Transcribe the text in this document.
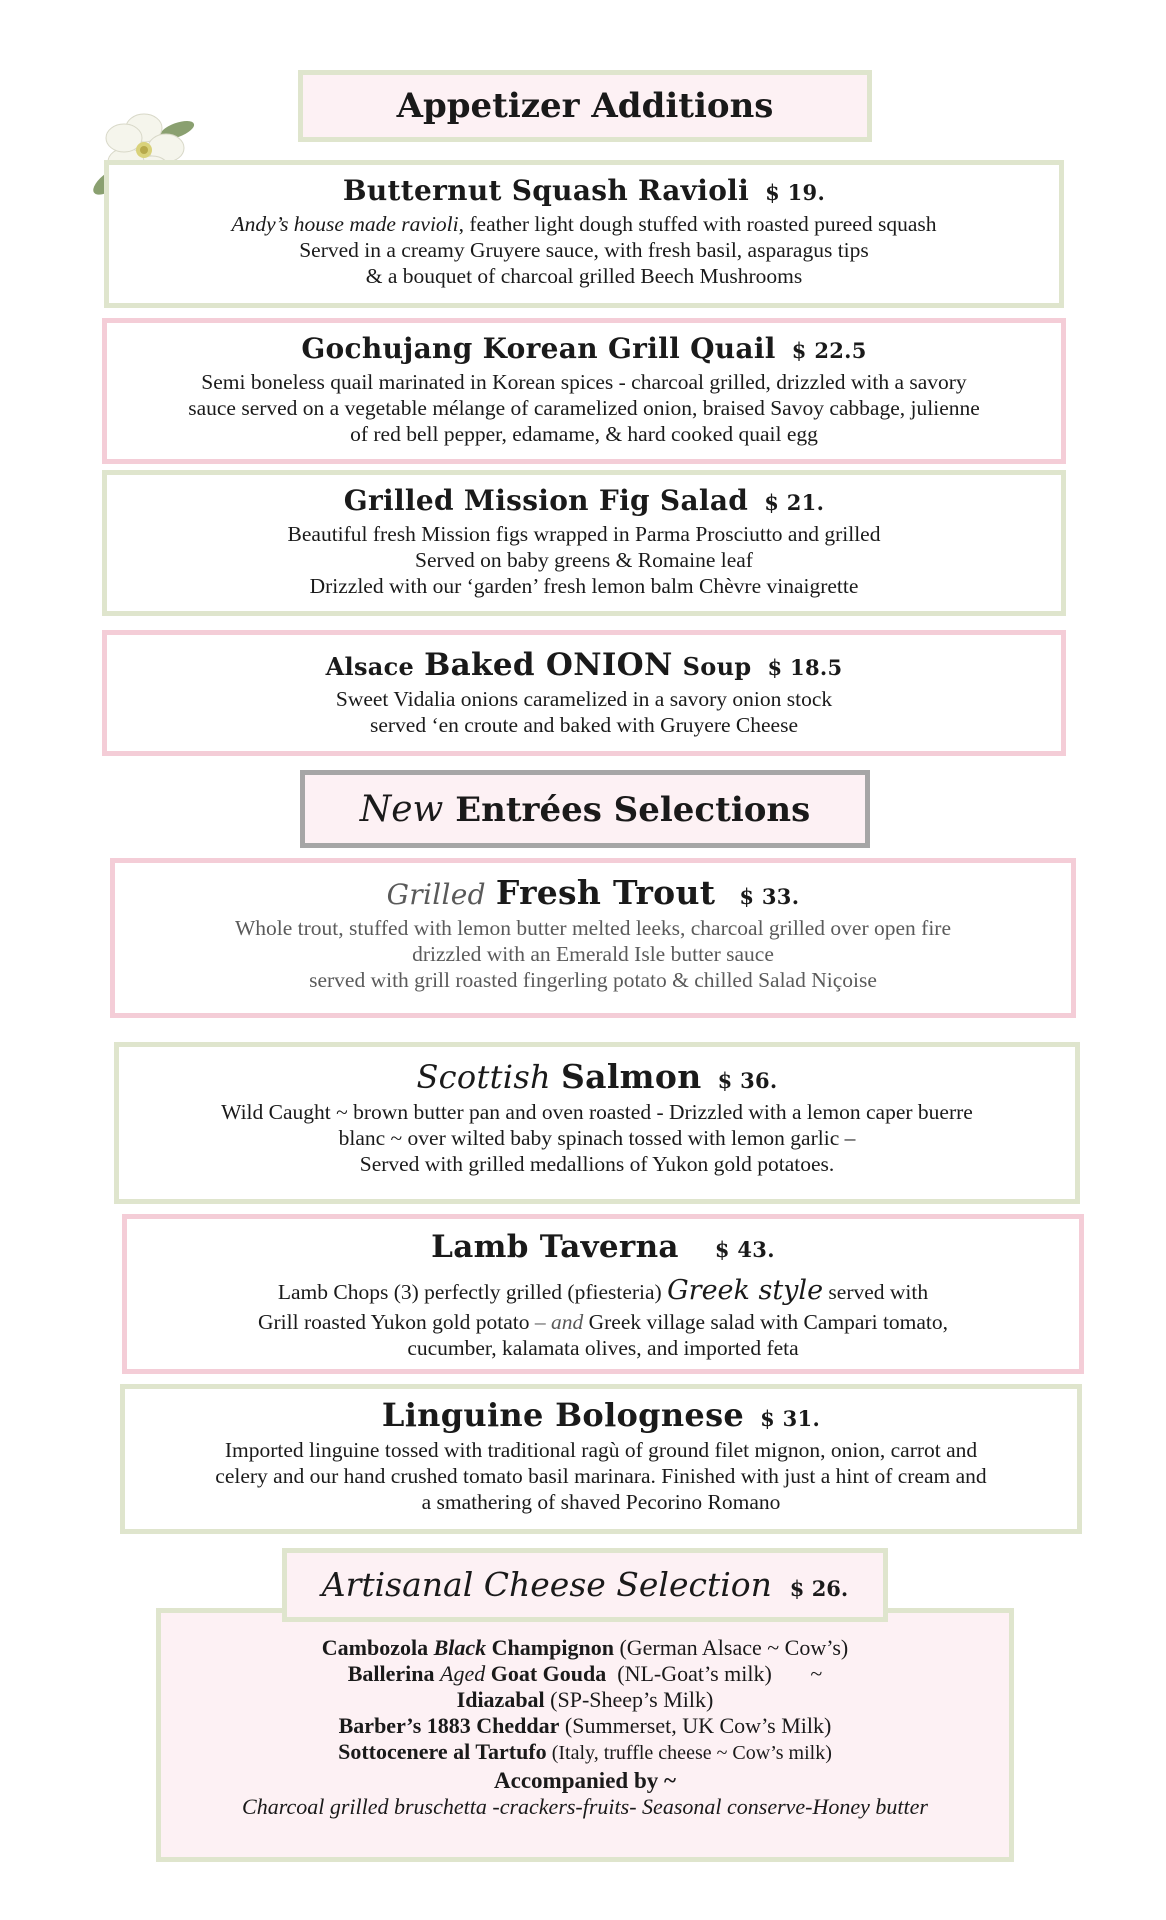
Appetizer Additions
Butternut Squash Ravioli $ 19.
Andy’s house made ravioli, feather light dough stuffed with roasted pureed squash
Served in a creamy Gruyere sauce, with fresh basil, asparagus tips
& a bouquet of charcoal grilled Beech Mushrooms
Gochujang Korean Grill Quail $ 22.5
Semi boneless quail marinated in Korean spices - charcoal grilled, drizzled with a savory
sauce served on a vegetable mélange of caramelized onion, braised Savoy cabbage, julienne
of red bell pepper, edamame, & hard cooked quail egg
Grilled Mission Fig Salad $ 21.
Beautiful fresh Mission figs wrapped in Parma Prosciutto and grilled
Served on baby greens & Romaine leaf
Drizzled with our ‘garden’ fresh lemon balm Chèvre vinaigrette
Alsace Baked ONION Soup $ 18.5
Sweet Vidalia onions caramelized in a savory onion stock
served ‘en croute and baked with Gruyere Cheese
New Entrées Selections
Grilled Fresh Trout $ 33.
Whole trout, stuffed with lemon butter melted leeks, charcoal grilled over open fire
drizzled with an Emerald Isle butter sauce
served with grill roasted fingerling potato & chilled Salad Niçoise
Scottish Salmon $ 36.
Wild Caught ~ brown butter pan and oven roasted - Drizzled with a lemon caper buerre
blanc ~ over wilted baby spinach tossed with lemon garlic –
Served with grilled medallions of Yukon gold potatoes.
Lamb Taverna $ 43.
Lamb Chops (3) perfectly grilled (pfiesteria) Greek style served with
Grill roasted Yukon gold potato – and Greek village salad with Campari tomato,
cucumber, kalamata olives, and imported feta
Linguine Bolognese $ 31.
Imported linguine tossed with traditional ragù of ground filet mignon, onion, carrot and
celery and our hand crushed tomato basil marinara. Finished with just a hint of cream and
a smathering of shaved Pecorino Romano
Cambozola Black Champignon (German Alsace ~ Cow’s)
Ballerina Aged Goat Gouda  (NL-Goat’s milk)       ~
Idiazabal (SP-Sheep’s Milk)
Barber’s 1883 Cheddar (Summerset, UK Cow’s Milk)
Sottocenere al Tartufo (Italy, truffle cheese ~ Cow’s milk)
Accompanied by ~
Charcoal grilled bruschetta -crackers-fruits- Seasonal conserve-Honey butter
Artisanal Cheese Selection $ 26.
